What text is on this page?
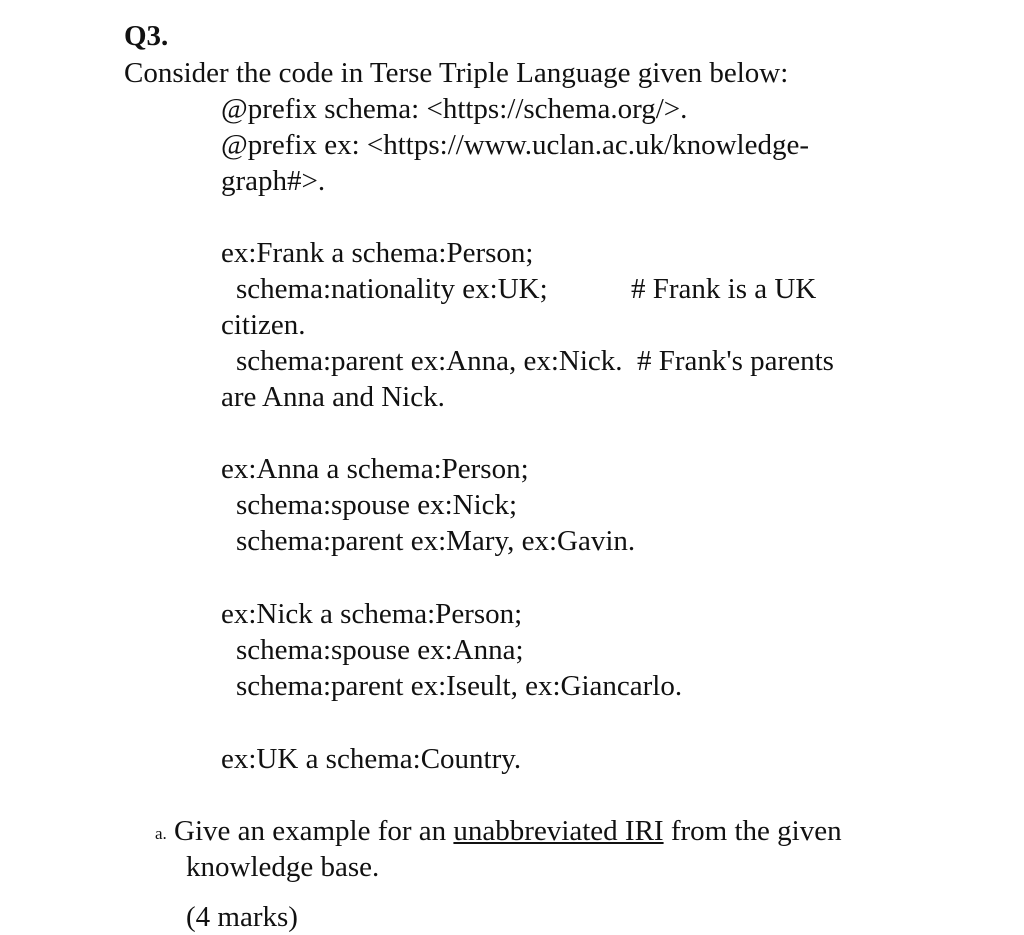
Q3.
Consider the code in Terse Triple Language given below:
@prefix schema: <https://schema.org/>.
@prefix ex: <https://www.uclan.ac.uk/knowledge-
graph#>.
ex:Frank a schema:Person;
schema:nationality ex:UK;	# Frank is a UK
citizen.
schema:parent ex:Anna, ex:Nick.  # Frank's parents
are Anna and Nick.
ex:Anna a schema:Person;
schema:spouse ex:Nick;
schema:parent ex:Mary, ex:Gavin.
ex:Nick a schema:Person;
schema:spouse ex:Anna;
schema:parent ex:Iseult, ex:Giancarlo.
ex:UK a schema:Country.
a. Give an example for an unabbreviated IRI from the given
knowledge base.
(4 marks)
